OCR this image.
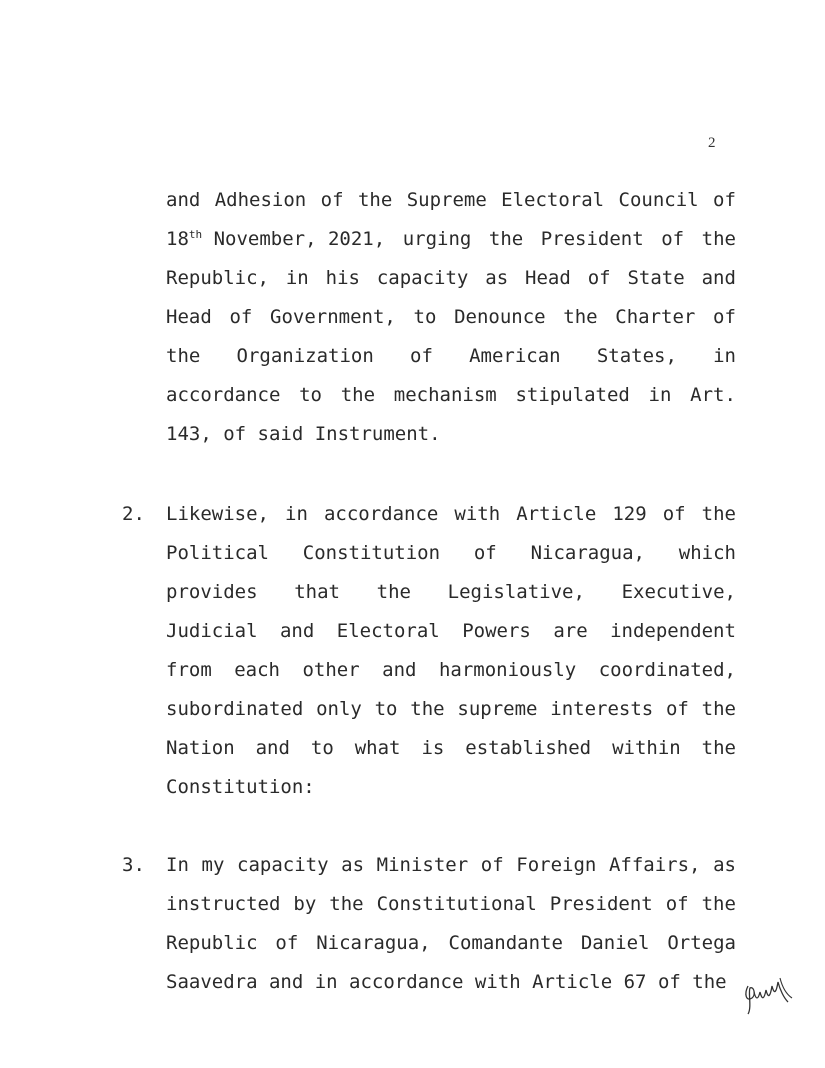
2
and Adhesion of the Supreme Electoral Council of
18th November, 2021, urging the President of the
Republic, in his capacity as Head of State and
Head of Government, to Denounce the Charter of
the Organization of American States, in
accordance to the mechanism stipulated in Art.
143, of said Instrument.
2. Likewise, in accordance with Article 129 of the
Political Constitution of Nicaragua, which
provides that the Legislative, Executive,
Judicial and Electoral Powers are independent
from each other and harmoniously coordinated,
subordinated only to the supreme interests of the
Nation and to what is established within the
Constitution:
3. In my capacity as Minister of Foreign Affairs, as
instructed by the Constitutional President of the
Republic of Nicaragua, Comandante Daniel Ortega
Saavedra and in accordance with Article 67 of the
